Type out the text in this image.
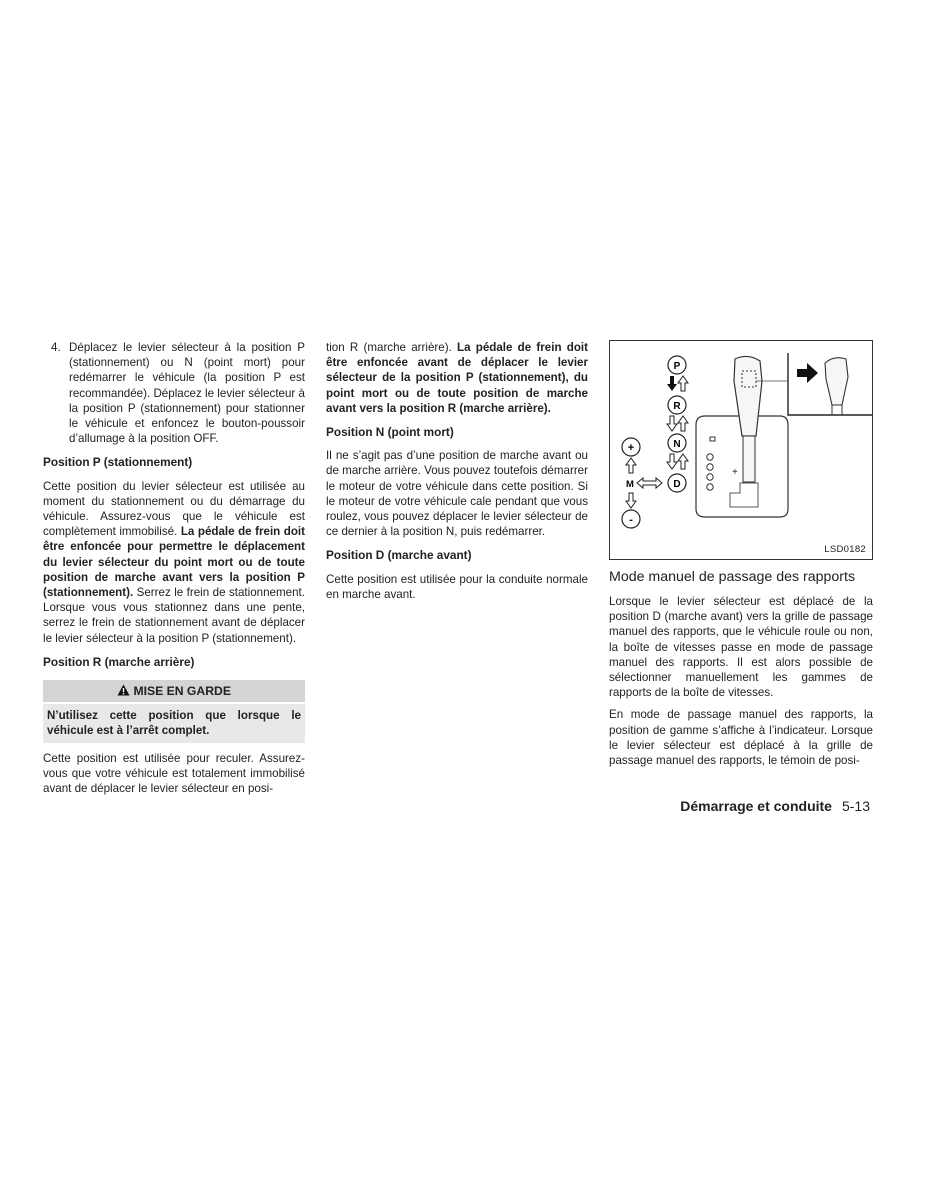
4. Déplacez le levier sélecteur à la position P (stationnement) ou N (point mort) pour redémarrer le véhicule (la position P est recommandée). Déplacez le levier sélecteur à la position P (stationnement) pour stationner le véhicule et enfoncez le bouton-poussoir d’allumage à la position OFF.
Position P (stationnement)

Cette position du levier sélecteur est utilisée au moment du stationnement ou du démarrage du véhicule. Assurez-vous que le véhicule est complètement immobilisé. La pédale de frein doit être enfoncée pour permettre le déplacement du levier sélecteur du point mort ou de toute position de marche avant vers la position P (stationnement). Serrez le frein de stationnement. Lorsque vous vous stationnez dans une pente, serrez le frein de stationnement avant de déplacer le levier sélecteur à la position P (stationnement).

Position R (marche arrière)
MISE EN GARDE
N’utilisez cette position que lorsque le véhicule est à l’arrêt complet.

Cette position est utilisée pour reculer. Assurez-vous que votre véhicule est totalement immobilisé avant de déplacer le levier sélecteur en posi-

tion R (marche arrière). La pédale de frein doit être enfoncée avant de déplacer le levier sélecteur de la position P (stationnement), du point mort ou de toute position de marche avant vers la position R (marche arrière).

Position N (point mort)

Il ne s’agit pas d’une position de marche avant ou de marche arrière. Vous pouvez toutefois démarrer le moteur de votre véhicule dans cette position. Si le moteur de votre véhicule cale pendant que vous roulez, vous pouvez déplacer le levier sélecteur de ce dernier à la position N, puis redémarrer.

Position D (marche avant)

Cette position est utilisée pour la conduite normale en marche avant.

+
P
R
N
D
+
M
-
LSD0182
Mode manuel de passage des rapports

Lorsque le levier sélecteur est déplacé de la position D (marche avant) vers la grille de passage manuel des rapports, que le véhicule roule ou non, la boîte de vitesses passe en mode de passage manuel des rapports. Il est alors possible de sélectionner manuellement les gammes de rapports de la boîte de vitesses.

En mode de passage manuel des rapports, la position de gamme s’affiche à l’indicateur. Lorsque le levier sélecteur est déplacé à la grille de passage manuel des rapports, le témoin de posi-

Démarrage et conduite 5-13
